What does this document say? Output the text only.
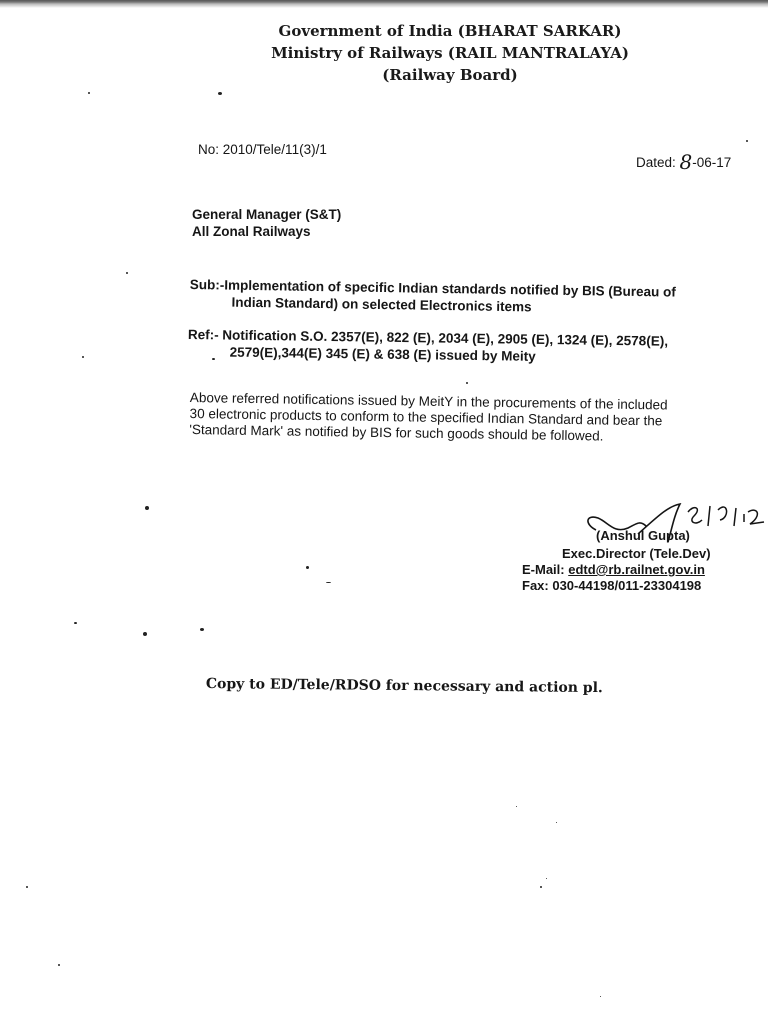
Government of India (BHARAT SARKAR)
Ministry of Railways (RAIL MANTRALAYA)
(Railway Board)
No: 2010/Tele/11(3)/1
Dated: 8-06-17
General Manager (S&T)
All Zonal Railways
Sub:-Implementation of specific Indian standards notified by BIS (Bureau of
Indian Standard) on selected Electronics items
Ref:- Notification S.O. 2357(E), 822 (E), 2034 (E), 2905 (E), 1324 (E), 2578(E),
2579(E),344(E) 345 (E) & 638 (E) issued by Meity
Above referred notifications issued by MeitY in the procurements of the included
30 electronic products to conform to the specified Indian Standard and bear the
'Standard Mark' as notified by BIS for such goods should be followed.
(Anshul Gupta)
Exec.Director (Tele.Dev)
E-Mail: edtd@rb.railnet.gov.in
Fax: 030-44198/011-23304198
Copy to ED/Tele/RDSO for necessary and action pl.
